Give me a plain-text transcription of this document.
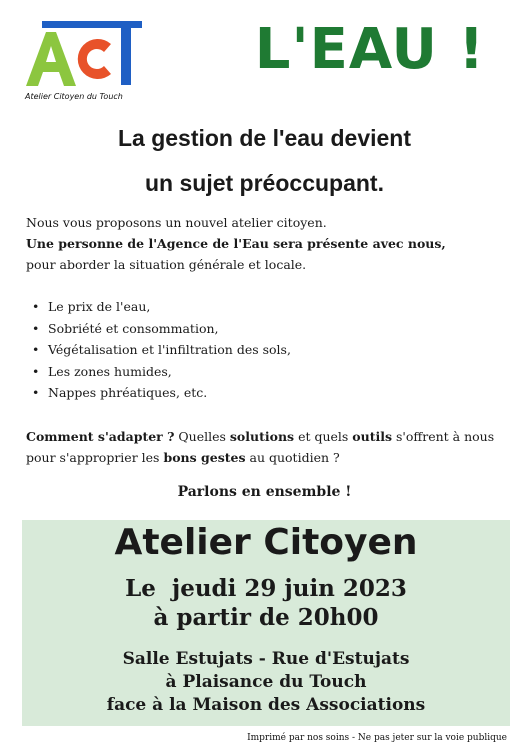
Atelier Citoyen du Touch
L'EAU !
La gestion de l'eau devient
un sujet préoccupant.

Nous vous proposons un nouvel atelier citoyen.

Une personne de l'Agence de l'Eau sera présente avec nous,

pour aborder la situation générale et locale.

• Le prix de l'eau,
• Sobriété et consommation,
• Végétalisation et l'infiltration des sols,
• Les zones humides,
• Nappes phréatiques, etc.

Comment s'adapter ? Quelles solutions et quels outils s'offrent à nous

pour s'approprier les bons gestes au quotidien ?

Parlons en ensemble !
Atelier Citoyen
Le  jeudi 29 juin 2023
à partir de 20h00
Salle Estujats - Rue d'Estujats
à Plaisance du Touch
face à la Maison des Associations
Imprimé par nos soins - Ne pas jeter sur la voie publique
